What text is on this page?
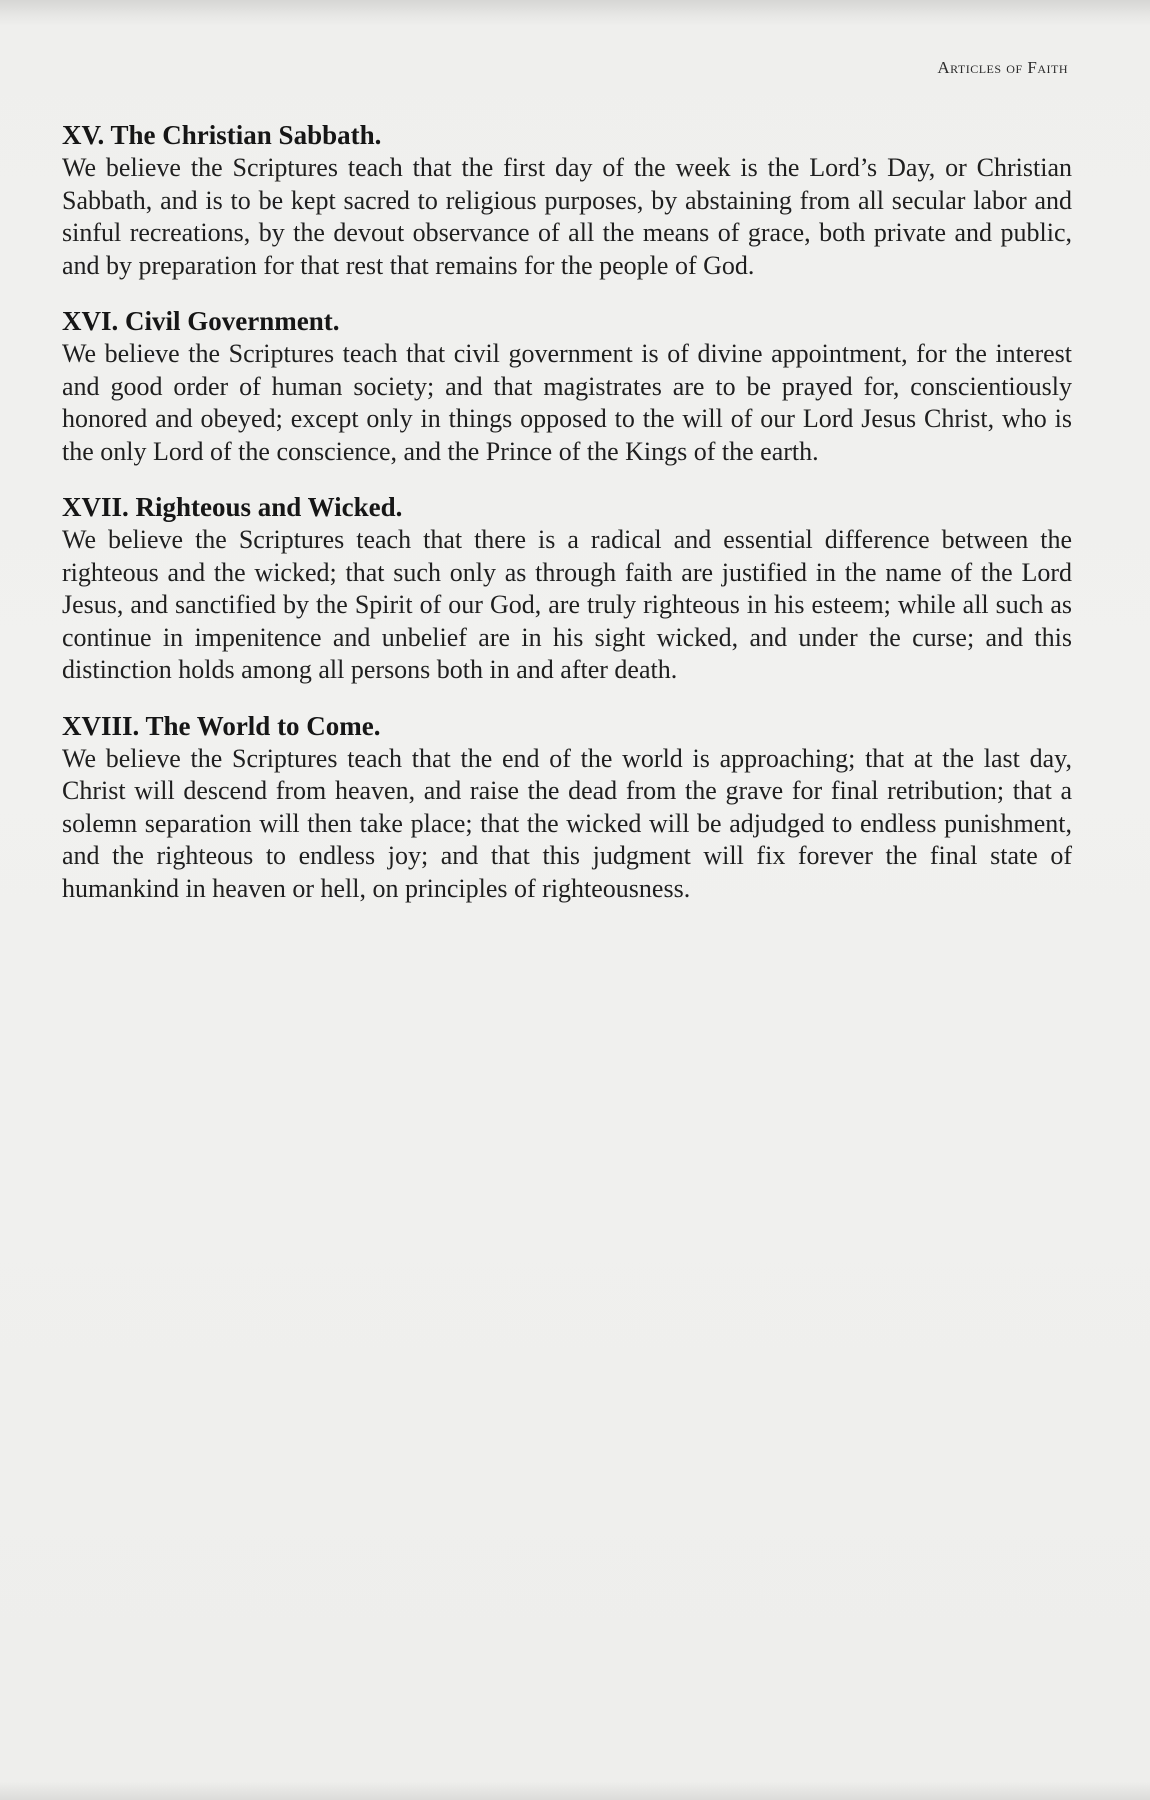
Articles of Faith
XV. The Christian Sabbath.

We believe the Scriptures teach that the first day of the week is the Lord’s Day, or Christian Sabbath, and is to be kept sacred to religious purposes, by abstaining from all secular labor and sinful recreations, by the devout observance of all the means of grace, both private and public, and by preparation for that rest that remains for the people of God.

XVI. Civil Government.

We believe the Scriptures teach that civil government is of divine appointment, for the interest and good order of human society; and that magistrates are to be prayed for, conscientiously honored and obeyed; except only in things opposed to the will of our Lord Jesus Christ, who is the only Lord of the conscience, and the Prince of the Kings of the earth.

XVII. Righteous and Wicked.

We believe the Scriptures teach that there is a radical and essential difference between the righteous and the wicked; that such only as through faith are justified in the name of the Lord Jesus, and sanctified by the Spirit of our God, are truly righteous in his esteem; while all such as continue in impenitence and unbelief are in his sight wicked, and under the curse; and this distinction holds among all persons both in and after death.

XVIII. The World to Come.

We believe the Scriptures teach that the end of the world is approaching; that at the last day, Christ will descend from heaven, and raise the dead from the grave for final retribution; that a solemn separation will then take place; that the wicked will be adjudged to endless punishment, and the righteous to endless joy; and that this judgment will fix forever the final state of humankind in heaven or hell, on principles of righteousness.
